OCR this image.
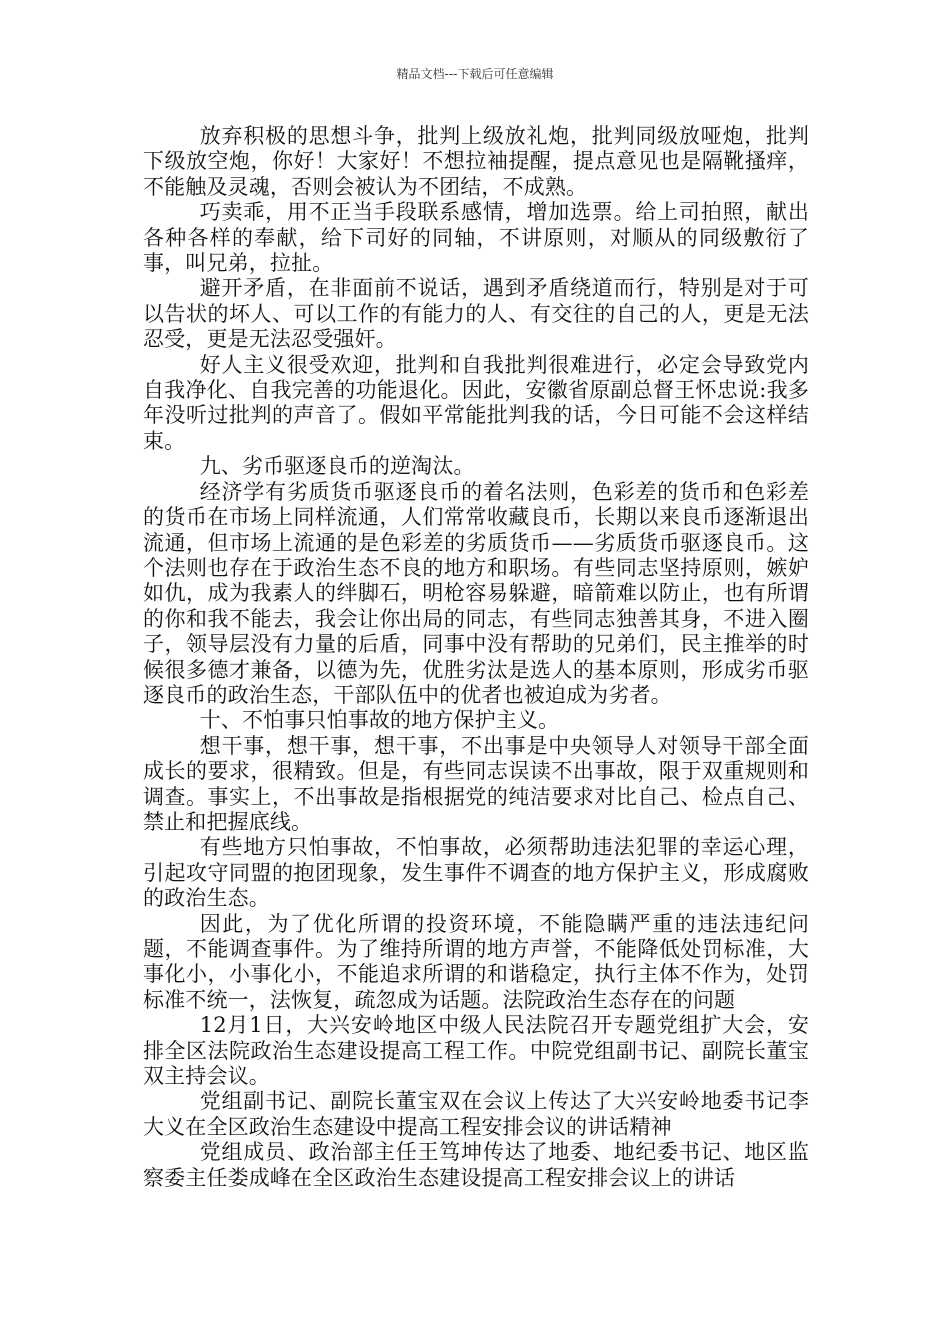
精品文档---下载后可任意编辑

放弃积极的思想斗争，批判上级放礼炮，批判同级放哑炮，批判下级放空炮，你好！大家好！不想拉袖提醒，提点意见也是隔靴搔痒，不能触及灵魂，否则会被认为不团结，不成熟。

巧卖乖，用不正当手段联系感情，增加选票。给上司拍照，献出各种各样的奉献，给下司好的同轴，不讲原则，对顺从的同级敷衍了事，叫兄弟，拉扯。

避开矛盾，在非面前不说话，遇到矛盾绕道而行，特别是对于可以告状的坏人、可以工作的有能力的人、有交往的自己的人，更是无法忍受，更是无法忍受强奸。

好人主义很受欢迎，批判和自我批判很难进行，必定会导致党内自我净化、自我完善的功能退化。因此，安徽省原副总督王怀忠说:我多年没听过批判的声音了。假如平常能批判我的话，今日可能不会这样结束。

九、劣币驱逐良币的逆淘汰。

经济学有劣质货币驱逐良币的着名法则，色彩差的货币和色彩差的货币在市场上同样流通，人们常常收藏良币，长期以来良币逐渐退出流通，但市场上流通的是色彩差的劣质货币——劣质货币驱逐良币。这个法则也存在于政治生态不良的地方和职场。有些同志坚持原则，嫉妒如仇，成为我素人的绊脚石，明枪容易躲避，暗箭难以防止，也有所谓的你和我不能去，我会让你出局的同志，有些同志独善其身，不进入圈子，领导层没有力量的后盾，同事中没有帮助的兄弟们，民主推举的时候很多德才兼备，以德为先，优胜劣汰是选人的基本原则，形成劣币驱逐良币的政治生态，干部队伍中的优者也被迫成为劣者。

十、不怕事只怕事故的地方保护主义。

想干事，想干事，想干事，不出事是中央领导人对领导干部全面成长的要求，很精致。但是，有些同志误读不出事故，限于双重规则和调查。事实上，不出事故是指根据党的纯洁要求对比自己、检点自己、禁止和把握底线。

有些地方只怕事故，不怕事故，必须帮助违法犯罪的幸运心理，引起攻守同盟的抱团现象，发生事件不调查的地方保护主义，形成腐败的政治生态。

因此，为了优化所谓的投资环境，不能隐瞒严重的违法违纪问题，不能调查事件。为了维持所谓的地方声誉，不能降低处罚标准，大事化小，小事化小，不能追求所谓的和谐稳定，执行主体不作为，处罚标准不统一，法恢复，疏忽成为话题。法院政治生态存在的问题

12月1日，大兴安岭地区中级人民法院召开专题党组扩大会，安排全区法院政治生态建设提高工程工作。中院党组副书记、副院长董宝双主持会议。

党组副书记、副院长董宝双在会议上传达了大兴安岭地委书记李大义在全区政治生态建设中提高工程安排会议的讲话精神

党组成员、政治部主任王笃坤传达了地委、地纪委书记、地区监察委主任娄成峰在全区政治生态建设提高工程安排会议上的讲话
